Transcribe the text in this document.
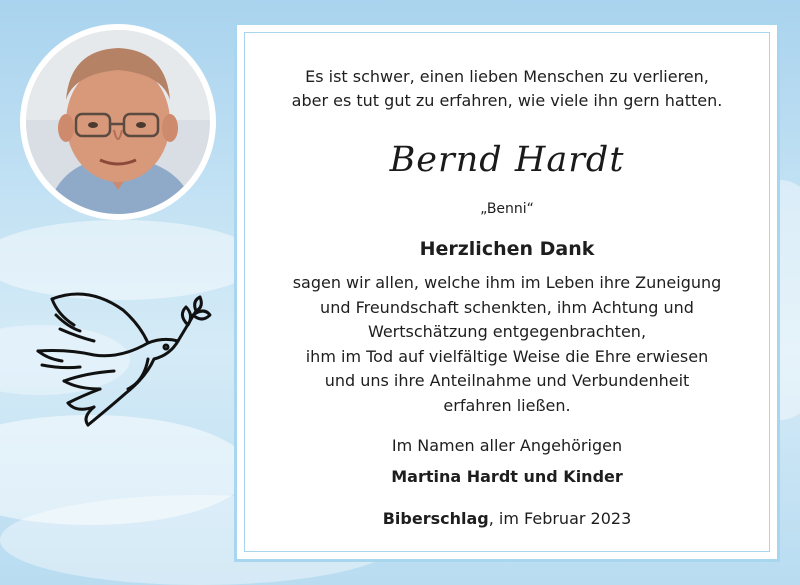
Es ist schwer, einen lieben Menschen zu verlieren,
aber es tut gut zu erfahren, wie viele ihn gern hatten.

Bernd Hardt

„Benni“

Herzlichen Dank

sagen wir allen, welche ihm im Leben ihre Zuneigung
und Freundschaft schenkten, ihm Achtung und
Wertschätzung entgegenbrachten,
ihm im Tod auf vielfältige Weise die Ehre erwiesen
und uns ihre Anteilnahme und Verbundenheit
erfahren ließen.

Im Namen aller Angehörigen

Martina Hardt und Kinder

Biberschlag, im Februar 2023
